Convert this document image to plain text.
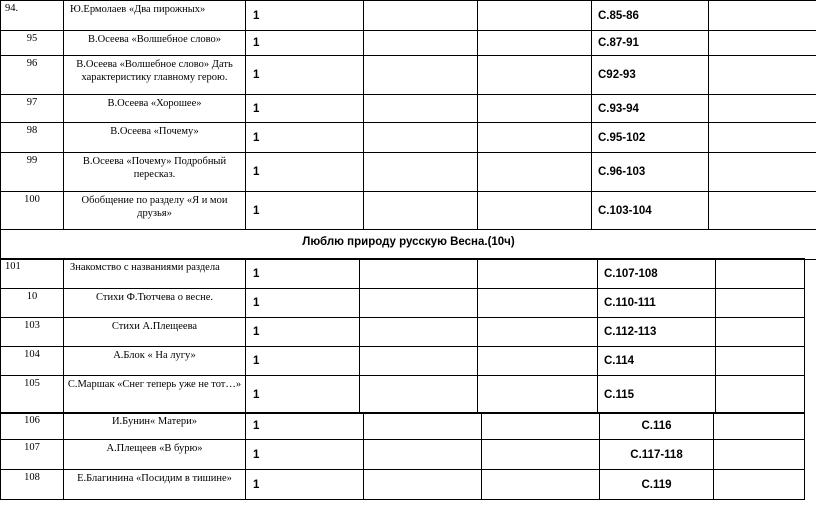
94.	Ю.Ермолаев «Два пирожных»	1			С.85-86	
95	В.Осеева «Волшебное слово»	1			С.87-91	
96	В.Осеева «Волшебное слово» Дать характеристику главному герою.	1			С92-93	
97	В.Осеева «Хорошее»	1			С.93-94	
98	В.Осеева «Почему»	1			С.95-102	
99	В.Осеева «Почему» Подробный пересказ.	1			С.96-103	
100	Обобщение по разделу «Я и мои друзья»	1			С.103-104	
Люблю природу русскую Весна.(10ч)						
101	Знакомство с названиями раздела	1			С.107-108	
10	Стихи Ф.Тютчева о весне.	1			С.110-111	
103	Стихи А.Плещеева	1			С.112-113	
104	А.Блок « На лугу»	1			С.114	
105	С.Маршак «Снег теперь уже не тот…»	1			С.115	
106	И.Бунин« Матери»	1			С.116	
107	А.Плещеев «В бурю»	1			С.117-118	
108	Е.Благинина «Посидим в тишине»	1			С.119	
